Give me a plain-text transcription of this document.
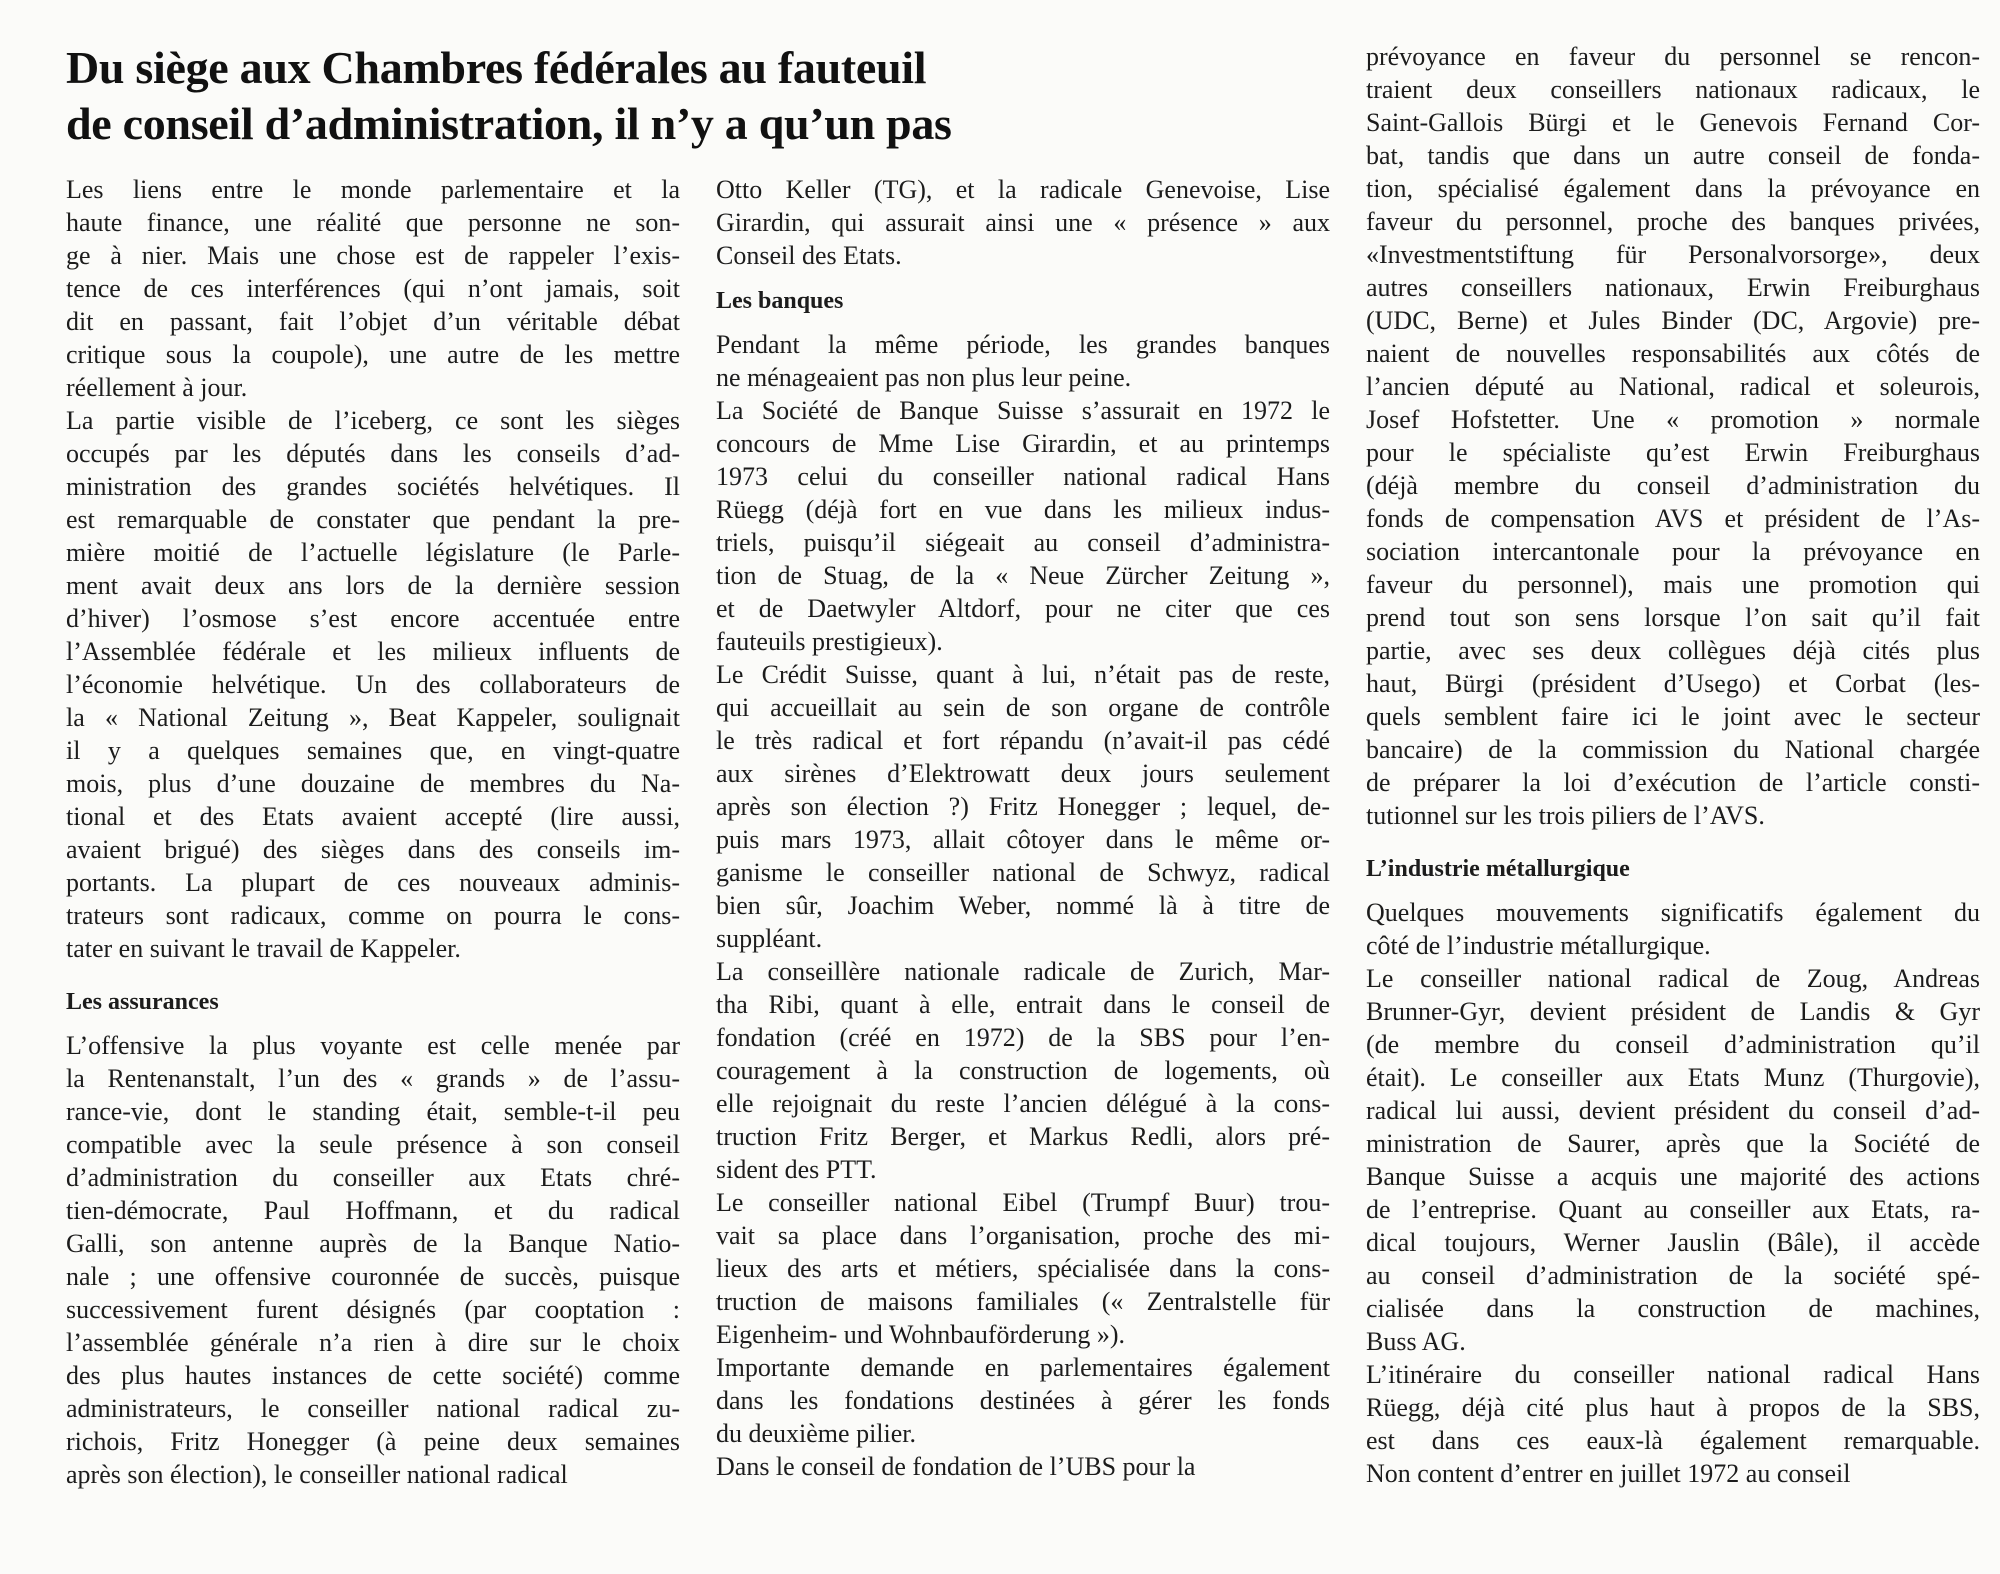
Du siège aux Chambres fédérales au fauteuil
de conseil d’administration, il n’y a qu’un pas
Les liens entre le monde parlementaire et la
haute finance, une réalité que personne ne son-
ge à nier. Mais une chose est de rappeler l’exis-
tence de ces interférences (qui n’ont jamais, soit
dit en passant, fait l’objet d’un véritable débat
critique sous la coupole), une autre de les mettre
réellement à jour.
La partie visible de l’iceberg, ce sont les sièges
occupés par les députés dans les conseils d’ad-
ministration des grandes sociétés helvétiques. Il
est remarquable de constater que pendant la pre-
mière moitié de l’actuelle législature (le Parle-
ment avait deux ans lors de la dernière session
d’hiver) l’osmose s’est encore accentuée entre
l’Assemblée fédérale et les milieux influents de
l’économie helvétique. Un des collaborateurs de
la « National Zeitung », Beat Kappeler, soulignait
il y a quelques semaines que, en vingt-quatre
mois, plus d’une douzaine de membres du Na-
tional et des Etats avaient accepté (lire aussi,
avaient brigué) des sièges dans des conseils im-
portants. La plupart de ces nouveaux adminis-
trateurs sont radicaux, comme on pourra le cons-
tater en suivant le travail de Kappeler.
Les assurances
L’offensive la plus voyante est celle menée par
la Rentenanstalt, l’un des « grands » de l’assu-
rance-vie, dont le standing était, semble-t-il peu
compatible avec la seule présence à son conseil
d’administration du conseiller aux Etats chré-
tien-démocrate, Paul Hoffmann, et du radical
Galli, son antenne auprès de la Banque Natio-
nale ; une offensive couronnée de succès, puisque
successivement furent désignés (par cooptation :
l’assemblée générale n’a rien à dire sur le choix
des plus hautes instances de cette société) comme
administrateurs, le conseiller national radical zu-
richois, Fritz Honegger (à peine deux semaines
après son élection), le conseiller national radical
Otto Keller (TG), et la radicale Genevoise, Lise
Girardin, qui assurait ainsi une « présence » aux
Conseil des Etats.
Les banques
Pendant la même période, les grandes banques
ne ménageaient pas non plus leur peine.
La Société de Banque Suisse s’assurait en 1972 le
concours de Mme Lise Girardin, et au printemps
1973 celui du conseiller national radical Hans
Rüegg (déjà fort en vue dans les milieux indus-
triels, puisqu’il siégeait au conseil d’administra-
tion de Stuag, de la « Neue Zürcher Zeitung »,
et de Daetwyler Altdorf, pour ne citer que ces
fauteuils prestigieux).
Le Crédit Suisse, quant à lui, n’était pas de reste,
qui accueillait au sein de son organe de contrôle
le très radical et fort répandu (n’avait-il pas cédé
aux sirènes d’Elektrowatt deux jours seulement
après son élection ?) Fritz Honegger ; lequel, de-
puis mars 1973, allait côtoyer dans le même or-
ganisme le conseiller national de Schwyz, radical
bien sûr, Joachim Weber, nommé là à titre de
suppléant.
La conseillère nationale radicale de Zurich, Mar-
tha Ribi, quant à elle, entrait dans le conseil de
fondation (créé en 1972) de la SBS pour l’en-
couragement à la construction de logements, où
elle rejoignait du reste l’ancien délégué à la cons-
truction Fritz Berger, et Markus Redli, alors pré-
sident des PTT.
Le conseiller national Eibel (Trumpf Buur) trou-
vait sa place dans l’organisation, proche des mi-
lieux des arts et métiers, spécialisée dans la cons-
truction de maisons familiales (« Zentralstelle für
Eigenheim- und Wohnbauförderung »).
Importante demande en parlementaires également
dans les fondations destinées à gérer les fonds
du deuxième pilier.
Dans le conseil de fondation de l’UBS pour la
prévoyance en faveur du personnel se rencon-
traient deux conseillers nationaux radicaux, le
Saint-Gallois Bürgi et le Genevois Fernand Cor-
bat, tandis que dans un autre conseil de fonda-
tion, spécialisé également dans la prévoyance en
faveur du personnel, proche des banques privées,
«Investmentstiftung für Personalvorsorge», deux
autres conseillers nationaux, Erwin Freiburghaus
(UDC, Berne) et Jules Binder (DC, Argovie) pre-
naient de nouvelles responsabilités aux côtés de
l’ancien député au National, radical et soleurois,
Josef Hofstetter. Une « promotion » normale
pour le spécialiste qu’est Erwin Freiburghaus
(déjà membre du conseil d’administration du
fonds de compensation AVS et président de l’As-
sociation intercantonale pour la prévoyance en
faveur du personnel), mais une promotion qui
prend tout son sens lorsque l’on sait qu’il fait
partie, avec ses deux collègues déjà cités plus
haut, Bürgi (président d’Usego) et Corbat (les-
quels semblent faire ici le joint avec le secteur
bancaire) de la commission du National chargée
de préparer la loi d’exécution de l’article consti-
tutionnel sur les trois piliers de l’AVS.
L’industrie métallurgique
Quelques mouvements significatifs également du
côté de l’industrie métallurgique.
Le conseiller national radical de Zoug, Andreas
Brunner-Gyr, devient président de Landis & Gyr
(de membre du conseil d’administration qu’il
était). Le conseiller aux Etats Munz (Thurgovie),
radical lui aussi, devient président du conseil d’ad-
ministration de Saurer, après que la Société de
Banque Suisse a acquis une majorité des actions
de l’entreprise. Quant au conseiller aux Etats, ra-
dical toujours, Werner Jauslin (Bâle), il accède
au conseil d’administration de la société spé-
cialisée dans la construction de machines,
Buss AG.
L’itinéraire du conseiller national radical Hans
Rüegg, déjà cité plus haut à propos de la SBS,
est dans ces eaux-là également remarquable.
Non content d’entrer en juillet 1972 au conseil
